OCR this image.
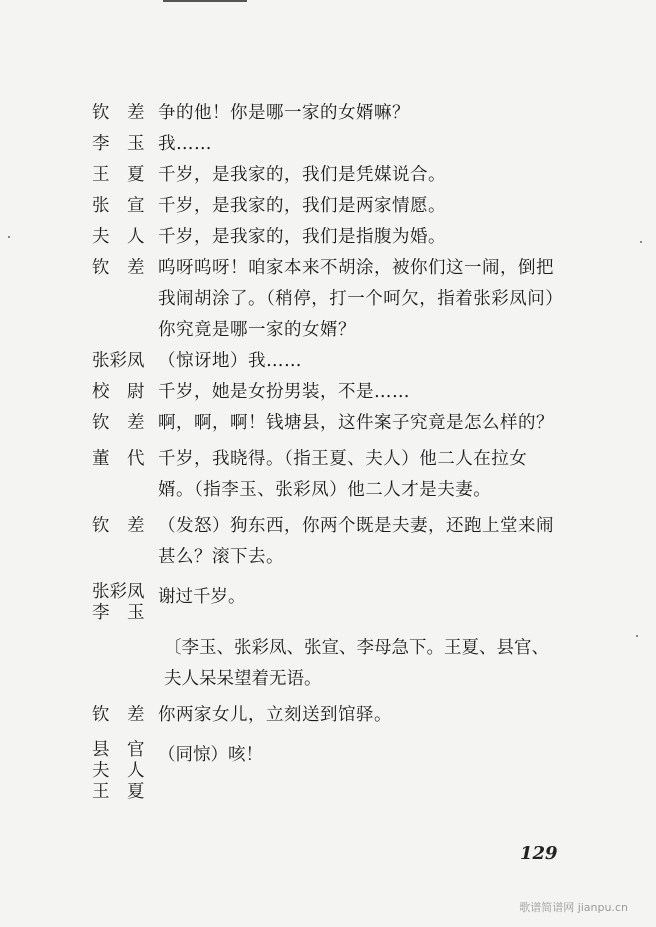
钦　差 争的他！你是哪一家的女婿嘛？
李　玉 我……
王　夏 千岁，是我家的，我们是凭媒说合。
张　宣 千岁，是我家的，我们是两家情愿。
夫　人 千岁，是我家的，我们是指腹为婚。
钦　差 呜呀呜呀！咱家本来不胡涂，被你们这一闹，倒把我闹胡涂了。（稍停，打一个呵欠，指着张彩凤问）你究竟是哪一家的女婿？
张彩凤 （惊讶地）我……
校　尉 千岁，她是女扮男装，不是……
钦　差 啊，啊，啊！钱塘县，这件案子究竟是怎么样的？
董　代 千岁，我晓得。（指王夏、夫人）他二人在拉女婿。（指李玉、张彩凤）他二人才是夫妻。
钦　差 （发怒）狗东西，你两个既是夫妻，还跑上堂来闹甚么？滚下去。
张彩凤
李　玉
谢过千岁。
〔李玉、张彩凤、张宣、李母急下。王夏、县官、夫人呆呆望着无语。
钦　差 你两家女儿，立刻送到馆驿。
县　官
夫　人
王　夏
（同惊）咳！
129
歌谱简谱网 jianpu.cn
